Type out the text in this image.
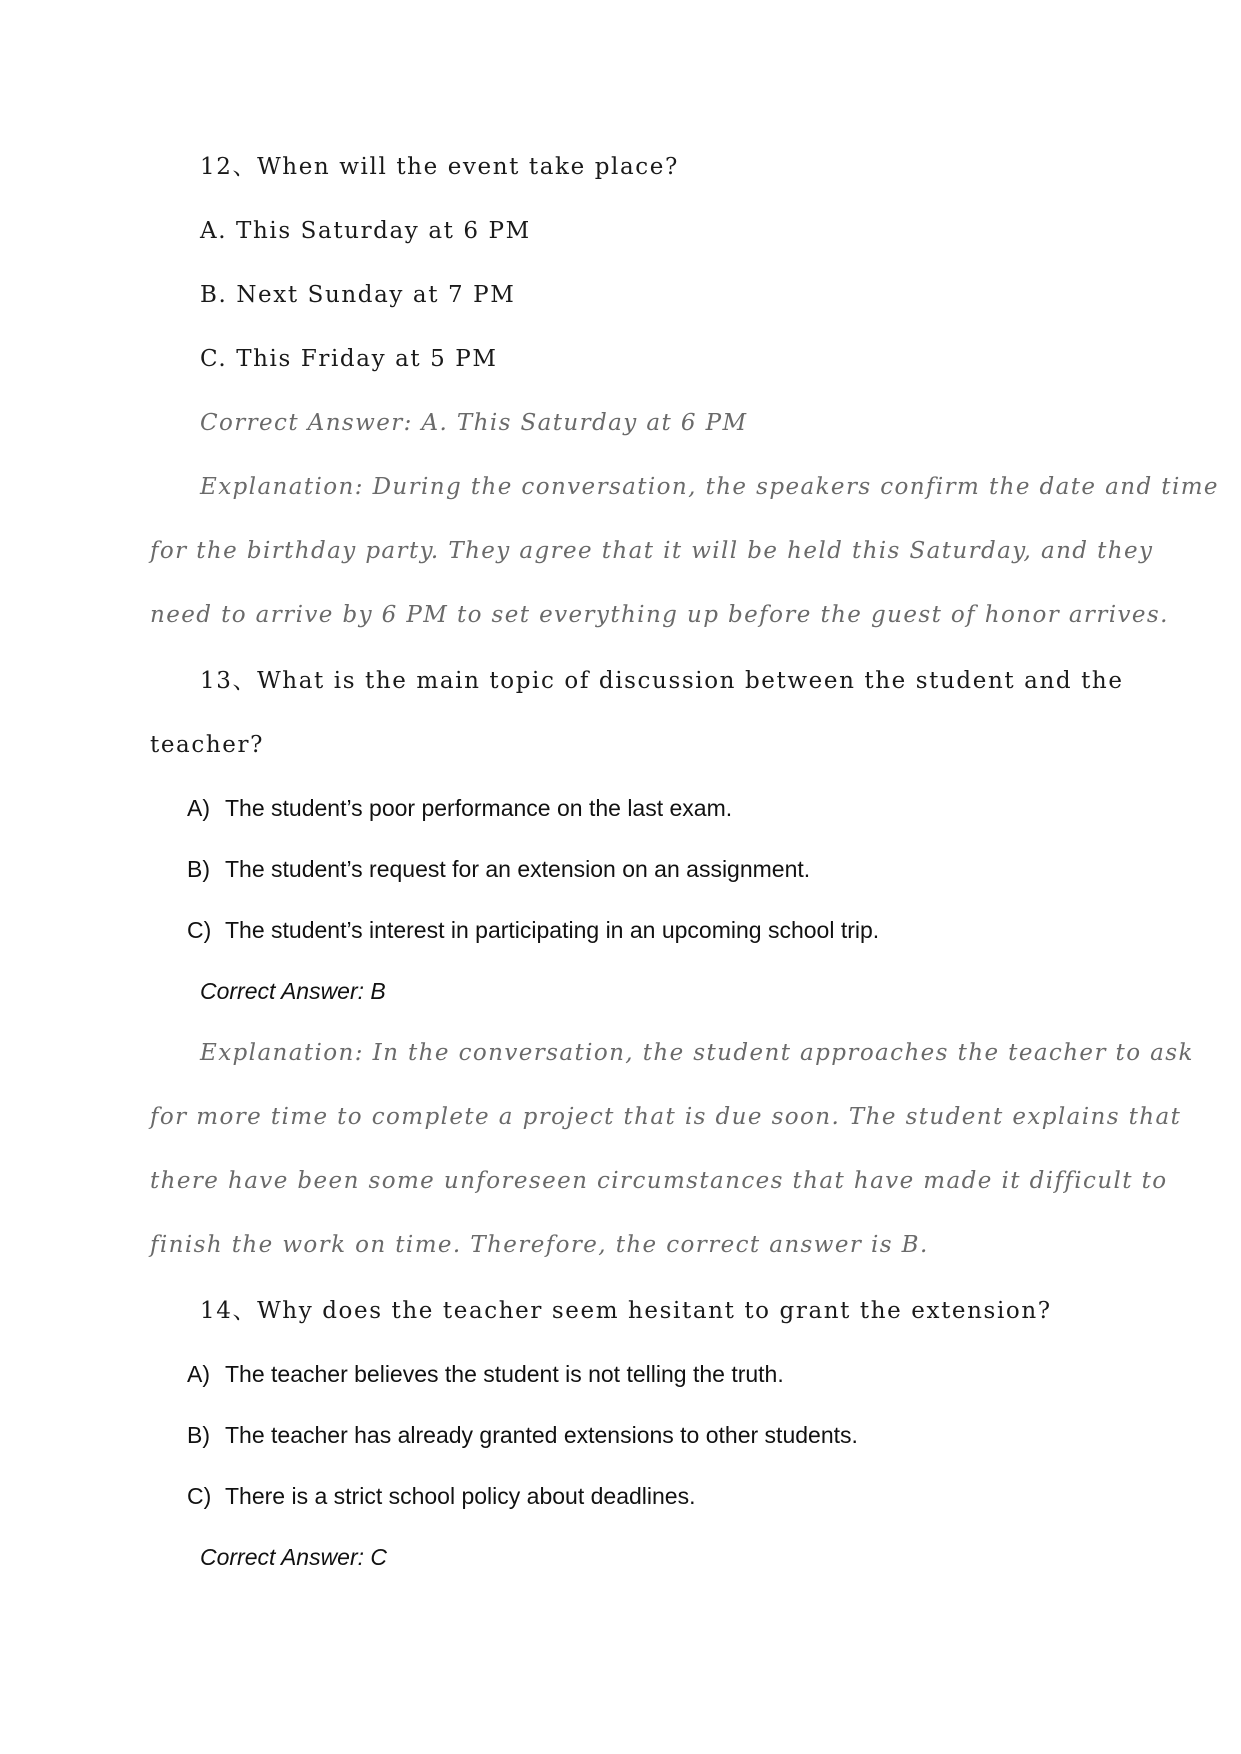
12、When will the event take place?
A. This Saturday at 6 PM
B. Next Sunday at 7 PM
C. This Friday at 5 PM
Correct Answer: A. This Saturday at 6 PM
Explanation: During the conversation, the speakers confirm the date and time
for the birthday party. They agree that it will be held this Saturday, and they
need to arrive by 6 PM to set everything up before the guest of honor arrives.
13、What is the main topic of discussion between the student and the
teacher?
A) The student’s poor performance on the last exam.
B) The student’s request for an extension on an assignment.
C) The student’s interest in participating in an upcoming school trip.
Correct Answer: B
Explanation: In the conversation, the student approaches the teacher to ask
for more time to complete a project that is due soon. The student explains that
there have been some unforeseen circumstances that have made it difficult to
finish the work on time. Therefore, the correct answer is B.
14、Why does the teacher seem hesitant to grant the extension?
A) The teacher believes the student is not telling the truth.
B) The teacher has already granted extensions to other students.
C) There is a strict school policy about deadlines.
Correct Answer: C
